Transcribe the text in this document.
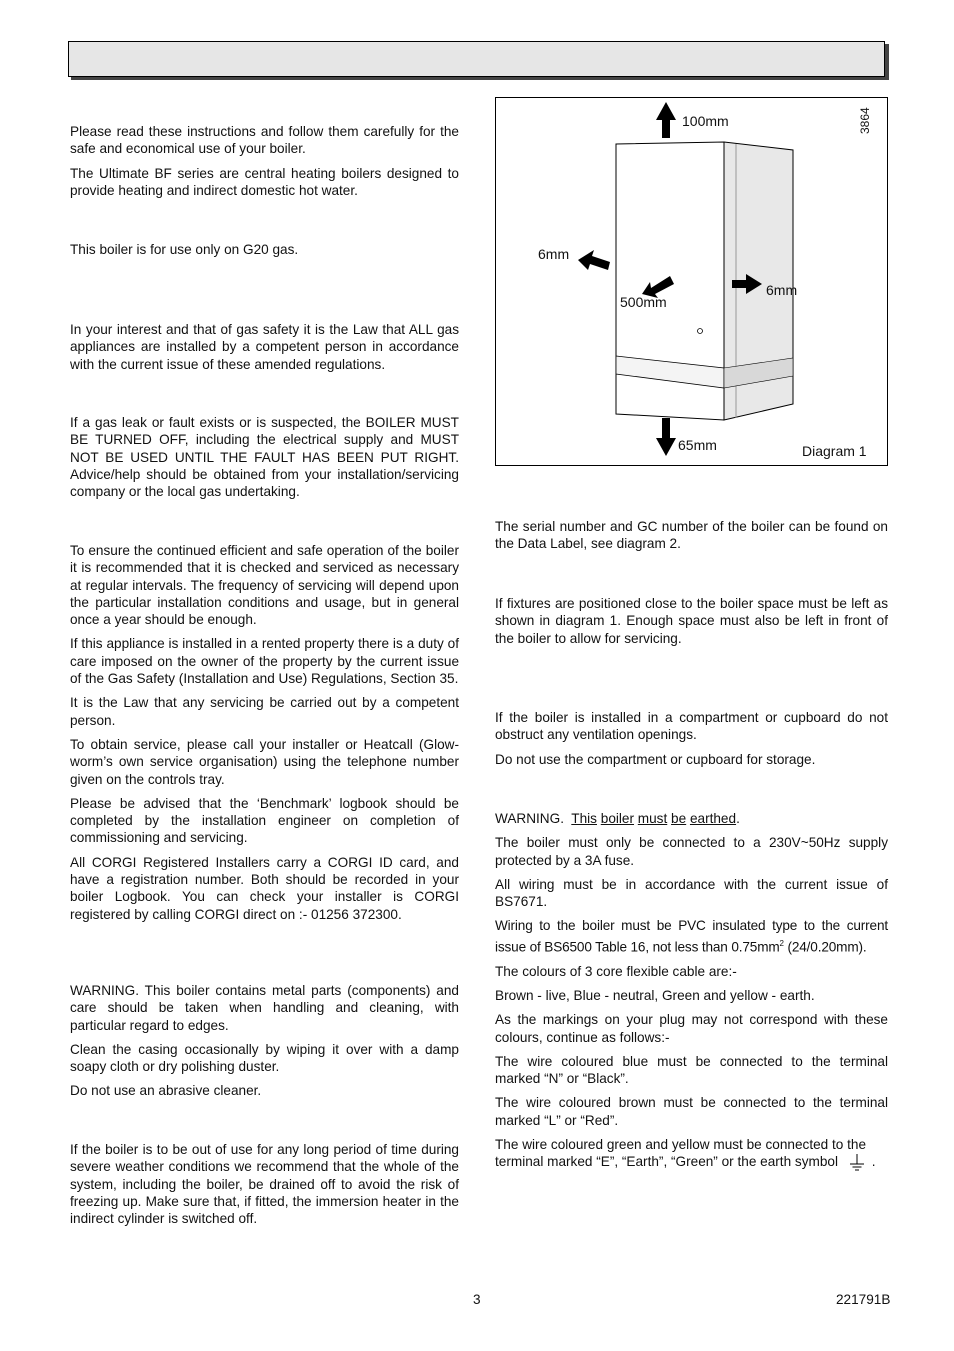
Please read these instructions and follow them carefully for the safe and economical use of your boiler.

The Ultimate BF series are central heating boilers designed to provide heating and indirect domestic hot water.

This boiler is for use only on G20 gas.

In your interest and that of gas safety it is the Law that ALL gas appliances are installed by a competent person in accordance with the current issue of these amended regulations.

If a gas leak or fault exists or is suspected, the BOILER MUST BE TURNED OFF, including the electrical supply and MUST NOT BE USED UNTIL THE FAULT HAS BEEN PUT RIGHT. Advice/help should be obtained from your installation/servicing company or the local gas undertaking.

To ensure the continued efficient and safe operation of the boiler it is recommended that it is checked and serviced as necessary at regular intervals. The frequency of servicing will depend upon the particular installation conditions and usage, but in general once a year should be enough.

If this appliance is installed in a rented property there is a duty of care imposed on the owner of the property by the current issue of the Gas Safety (Installation and Use) Regulations, Section 35.

It is the Law that any servicing be carried out by a competent person.

To obtain service, please call your installer or Heatcall (Glow-worm’s own service organisation) using the telephone number given on the controls tray.

Please be advised that the ‘Benchmark’ logbook should be completed by the installation engineer on completion of commissioning and servicing.

All CORGI Registered Installers carry a CORGI ID card, and have a registration number. Both should be recorded in your boiler Logbook. You can check your installer is CORGI registered by calling CORGI direct on :- 01256 372300.

WARNING. This boiler contains metal parts (components) and care should be taken when handling and cleaning, with particular regard to edges.

Clean the casing occasionally by wiping it over with a damp soapy cloth or dry polishing duster.

Do not use an abrasive cleaner.

If the boiler is to be out of use for any long period of time during severe weather conditions we recommend that the whole of the system, including the boiler, be drained off to avoid the risk of freezing up. Make sure that, if fitted, the immersion heater in the indirect cylinder is switched off.

100mm
6mm
500mm
6mm
65mm	Diagram 1
3864

The serial number and GC number of the boiler can be found on the Data Label, see diagram 2.

If fixtures are positioned close to the boiler space must be left as shown in diagram 1. Enough space must also be left in front of the boiler to allow for servicing.

If the boiler is installed in a compartment or cupboard do not obstruct any ventilation openings.

Do not use the compartment or cupboard for storage.

WARNING. This boiler must be earthed.

The boiler must only be connected to a 230V~50Hz supply protected by a 3A fuse.

All wiring must be in accordance with the current issue of BS7671.

Wiring to the boiler must be PVC insulated type to the current issue of BS6500 Table 16, not less than $0.75mm^2$ (24/0.20mm).

The colours of 3 core flexible cable are:-

Brown - live, Blue - neutral, Green and yellow - earth.

As the markings on your plug may not correspond with these colours, continue as follows:-

The wire coloured blue must be connected to the terminal marked “N” or “Black”.

The wire coloured brown must be connected to the terminal marked “L” or “Red”.

The wire coloured green and yellow must be connected to the terminal marked “E”, “Earth”, “Green” or the earth symbol .

3	221791B
